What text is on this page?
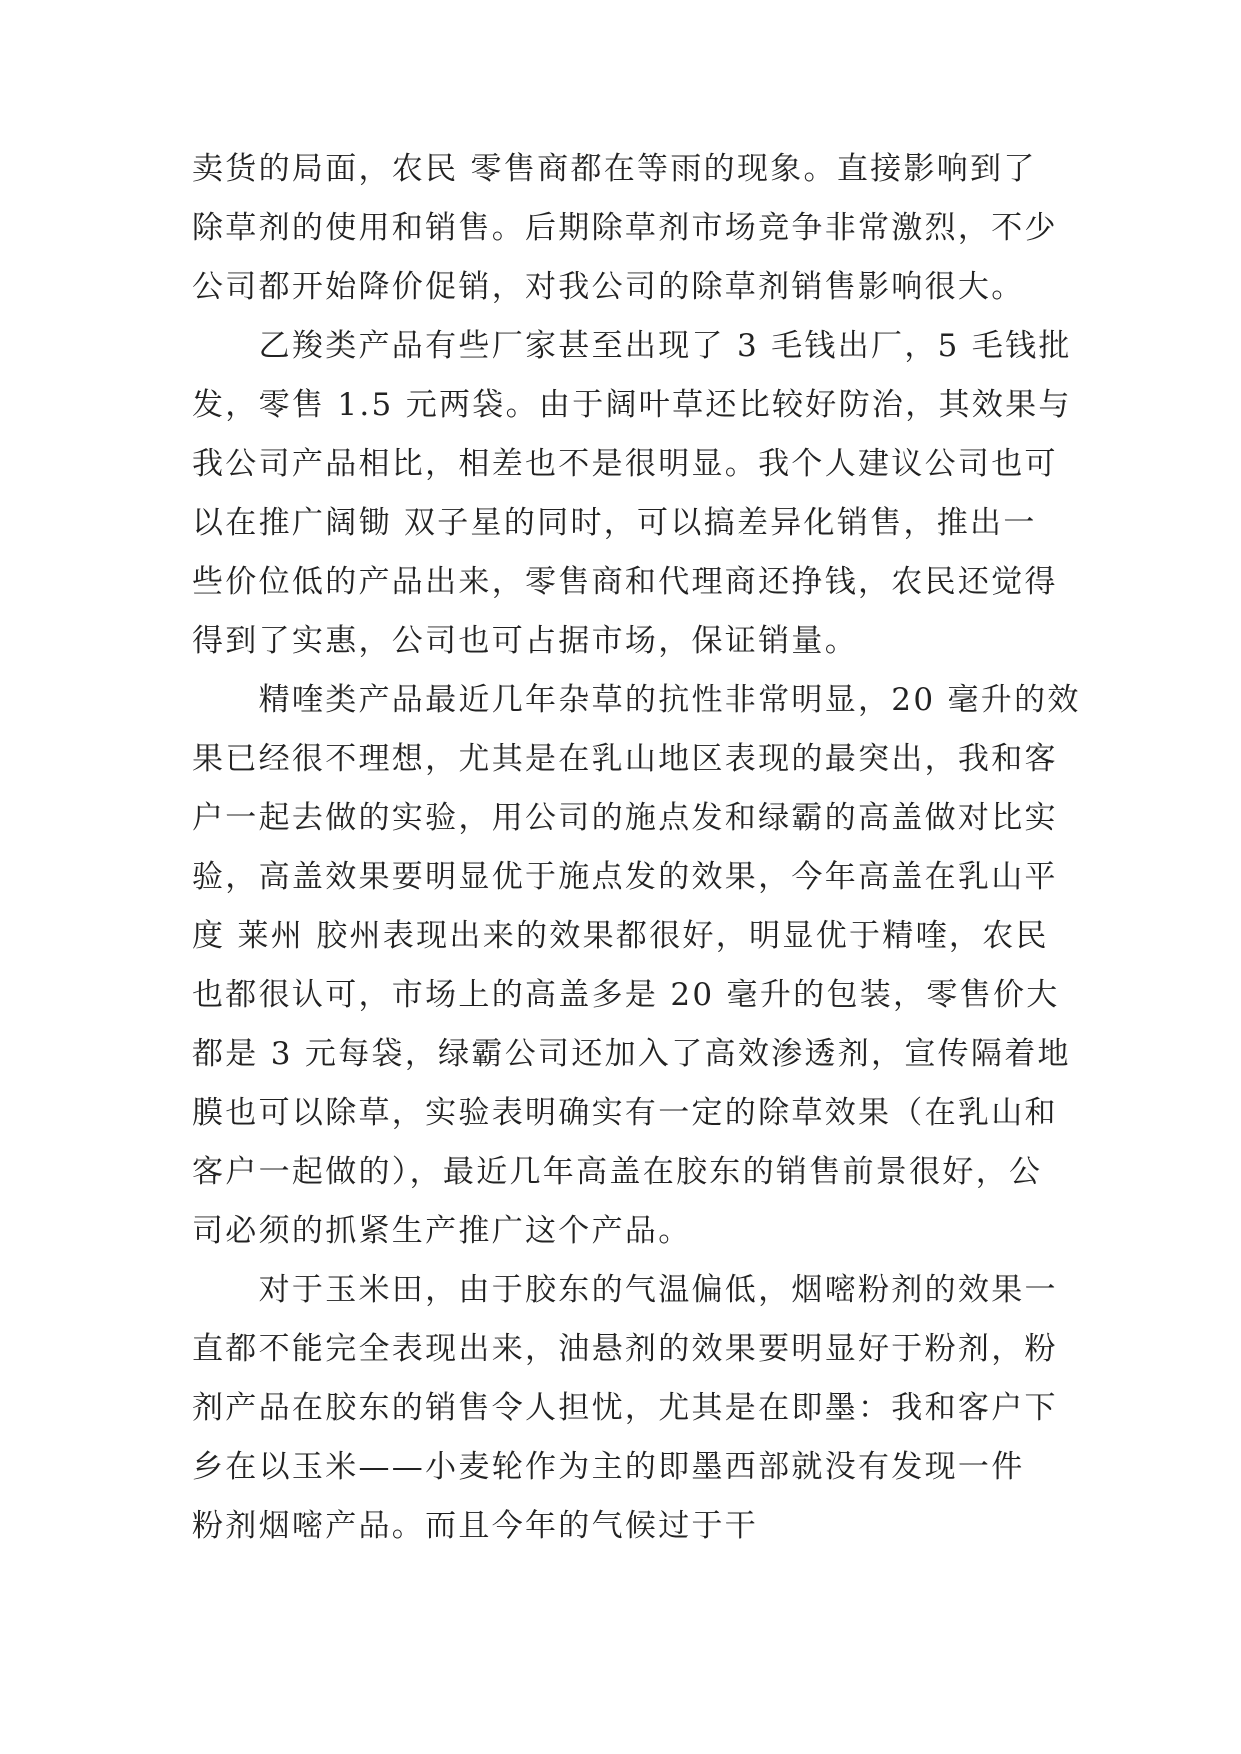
卖货的局面，农民 零售商都在等雨的现象。直接影响到了
除草剂的使用和销售。后期除草剂市场竞争非常激烈，不少
公司都开始降价促销，对我公司的除草剂销售影响很大。
　　乙羧类产品有些厂家甚至出现了 3 毛钱出厂，5 毛钱批
发，零售 1.5 元两袋。由于阔叶草还比较好防治，其效果与
我公司产品相比，相差也不是很明显。我个人建议公司也可
以在推广阔锄 双子星的同时，可以搞差异化销售，推出一
些价位低的产品出来，零售商和代理商还挣钱，农民还觉得
得到了实惠，公司也可占据市场，保证销量。
　　精喹类产品最近几年杂草的抗性非常明显，20 毫升的效
果已经很不理想，尤其是在乳山地区表现的最突出，我和客
户一起去做的实验，用公司的施点发和绿霸的高盖做对比实
验，高盖效果要明显优于施点发的效果，今年高盖在乳山平
度 莱州 胶州表现出来的效果都很好，明显优于精喹，农民
也都很认可，市场上的高盖多是 20 毫升的包装，零售价大
都是 3 元每袋，绿霸公司还加入了高效渗透剂，宣传隔着地
膜也可以除草，实验表明确实有一定的除草效果（在乳山和
客户一起做的），最近几年高盖在胶东的销售前景很好，公
司必须的抓紧生产推广这个产品。
　　对于玉米田，由于胶东的气温偏低，烟嘧粉剂的效果一
直都不能完全表现出来，油悬剂的效果要明显好于粉剂，粉
剂产品在胶东的销售令人担忧，尤其是在即墨：我和客户下
乡在以玉米——小麦轮作为主的即墨西部就没有发现一件
粉剂烟嘧产品。而且今年的气候过于干
